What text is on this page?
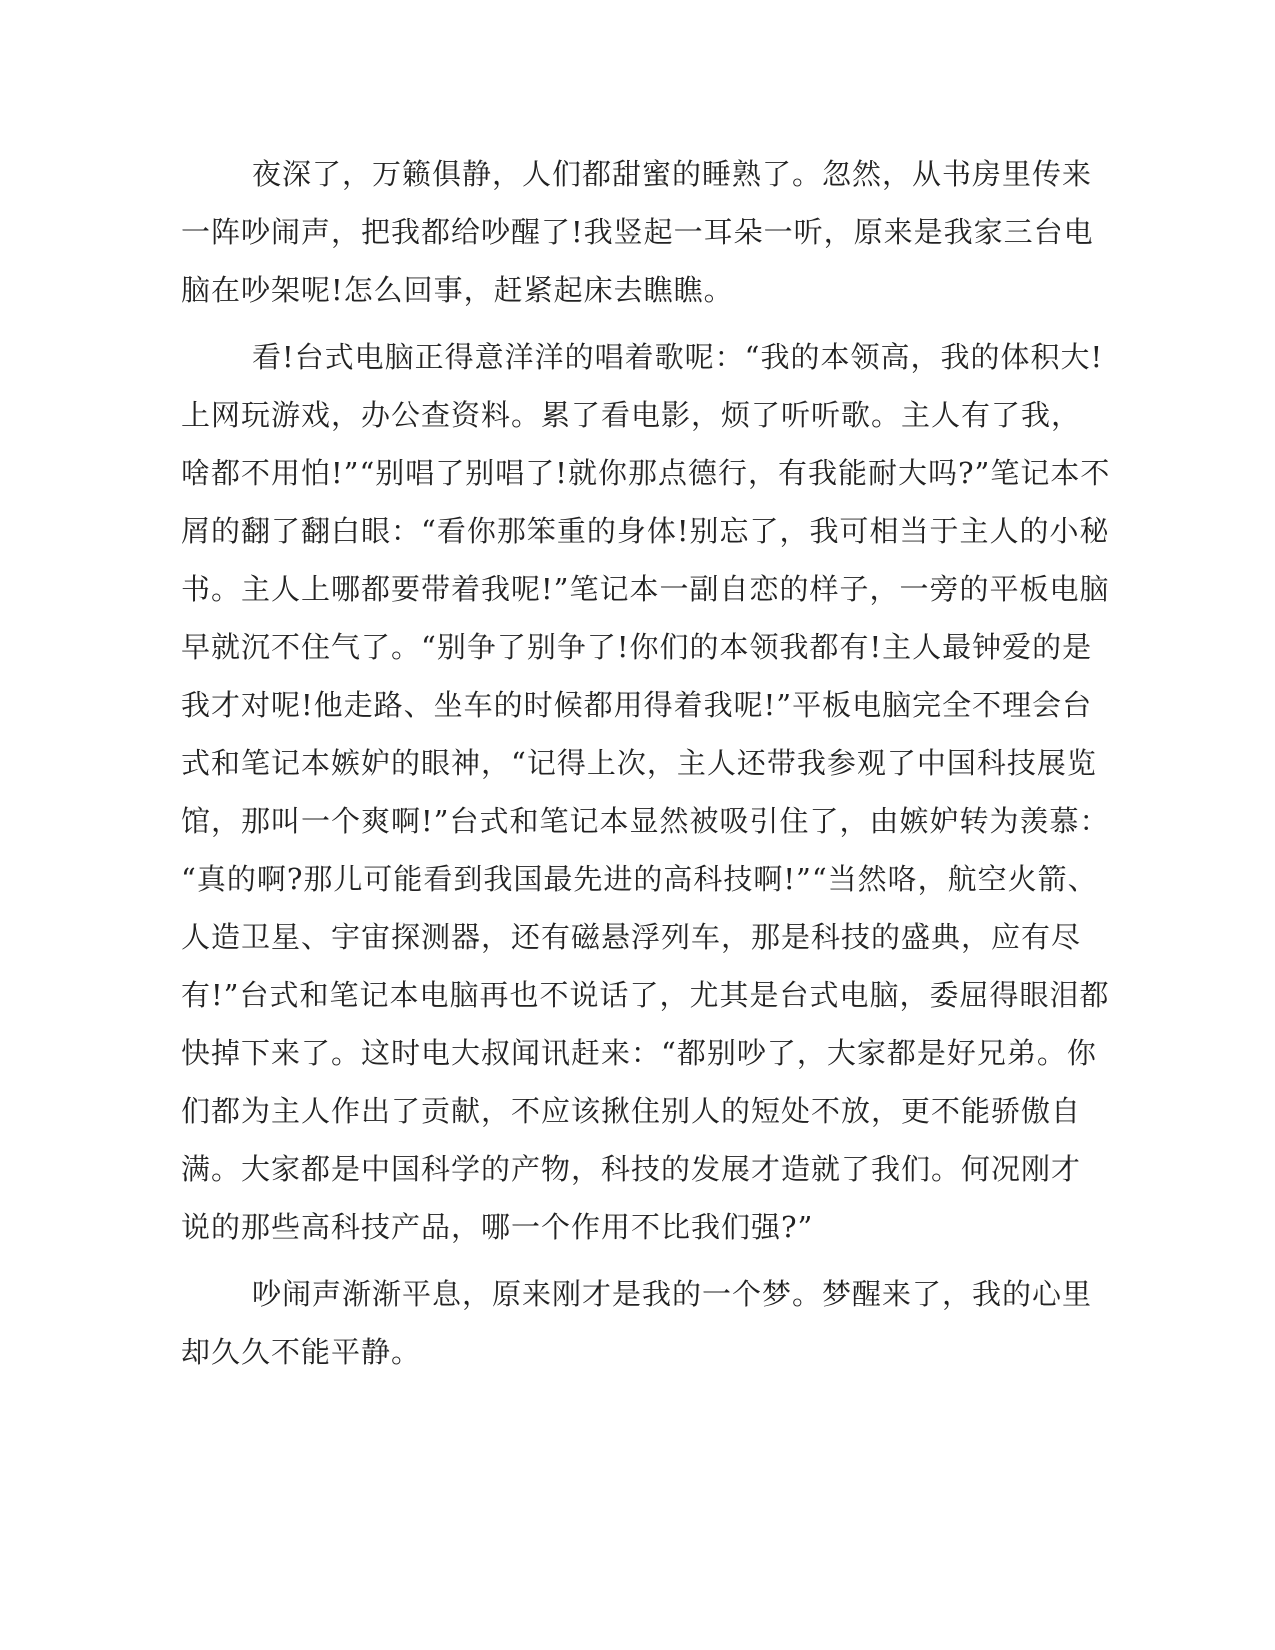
夜深了，万籁俱静，人们都甜蜜的睡熟了。忽然，从书房里传来
一阵吵闹声，把我都给吵醒了!我竖起一耳朵一听，原来是我家三台电
脑在吵架呢!怎么回事，赶紧起床去瞧瞧。
看!台式电脑正得意洋洋的唱着歌呢：“我的本领高，我的体积大!
上网玩游戏，办公查资料。累了看电影，烦了听听歌。主人有了我，
啥都不用怕!”“别唱了别唱了!就你那点德行，有我能耐大吗?”笔记本不
屑的翻了翻白眼：“看你那笨重的身体!别忘了，我可相当于主人的小秘
书。主人上哪都要带着我呢!”笔记本一副自恋的样子，一旁的平板电脑
早就沉不住气了。“别争了别争了!你们的本领我都有!主人最钟爱的是
我才对呢!他走路、坐车的时候都用得着我呢!”平板电脑完全不理会台
式和笔记本嫉妒的眼神，“记得上次，主人还带我参观了中国科技展览
馆，那叫一个爽啊!”台式和笔记本显然被吸引住了，由嫉妒转为羡慕：
“真的啊?那儿可能看到我国最先进的高科技啊!”“当然咯，航空火箭、
人造卫星、宇宙探测器，还有磁悬浮列车，那是科技的盛典，应有尽
有!”台式和笔记本电脑再也不说话了，尤其是台式电脑，委屈得眼泪都
快掉下来了。这时电大叔闻讯赶来：“都别吵了，大家都是好兄弟。你
们都为主人作出了贡献，不应该揪住别人的短处不放，更不能骄傲自
满。大家都是中国科学的产物，科技的发展才造就了我们。何况刚才
说的那些高科技产品，哪一个作用不比我们强?”
吵闹声渐渐平息，原来刚才是我的一个梦。梦醒来了，我的心里
却久久不能平静。
